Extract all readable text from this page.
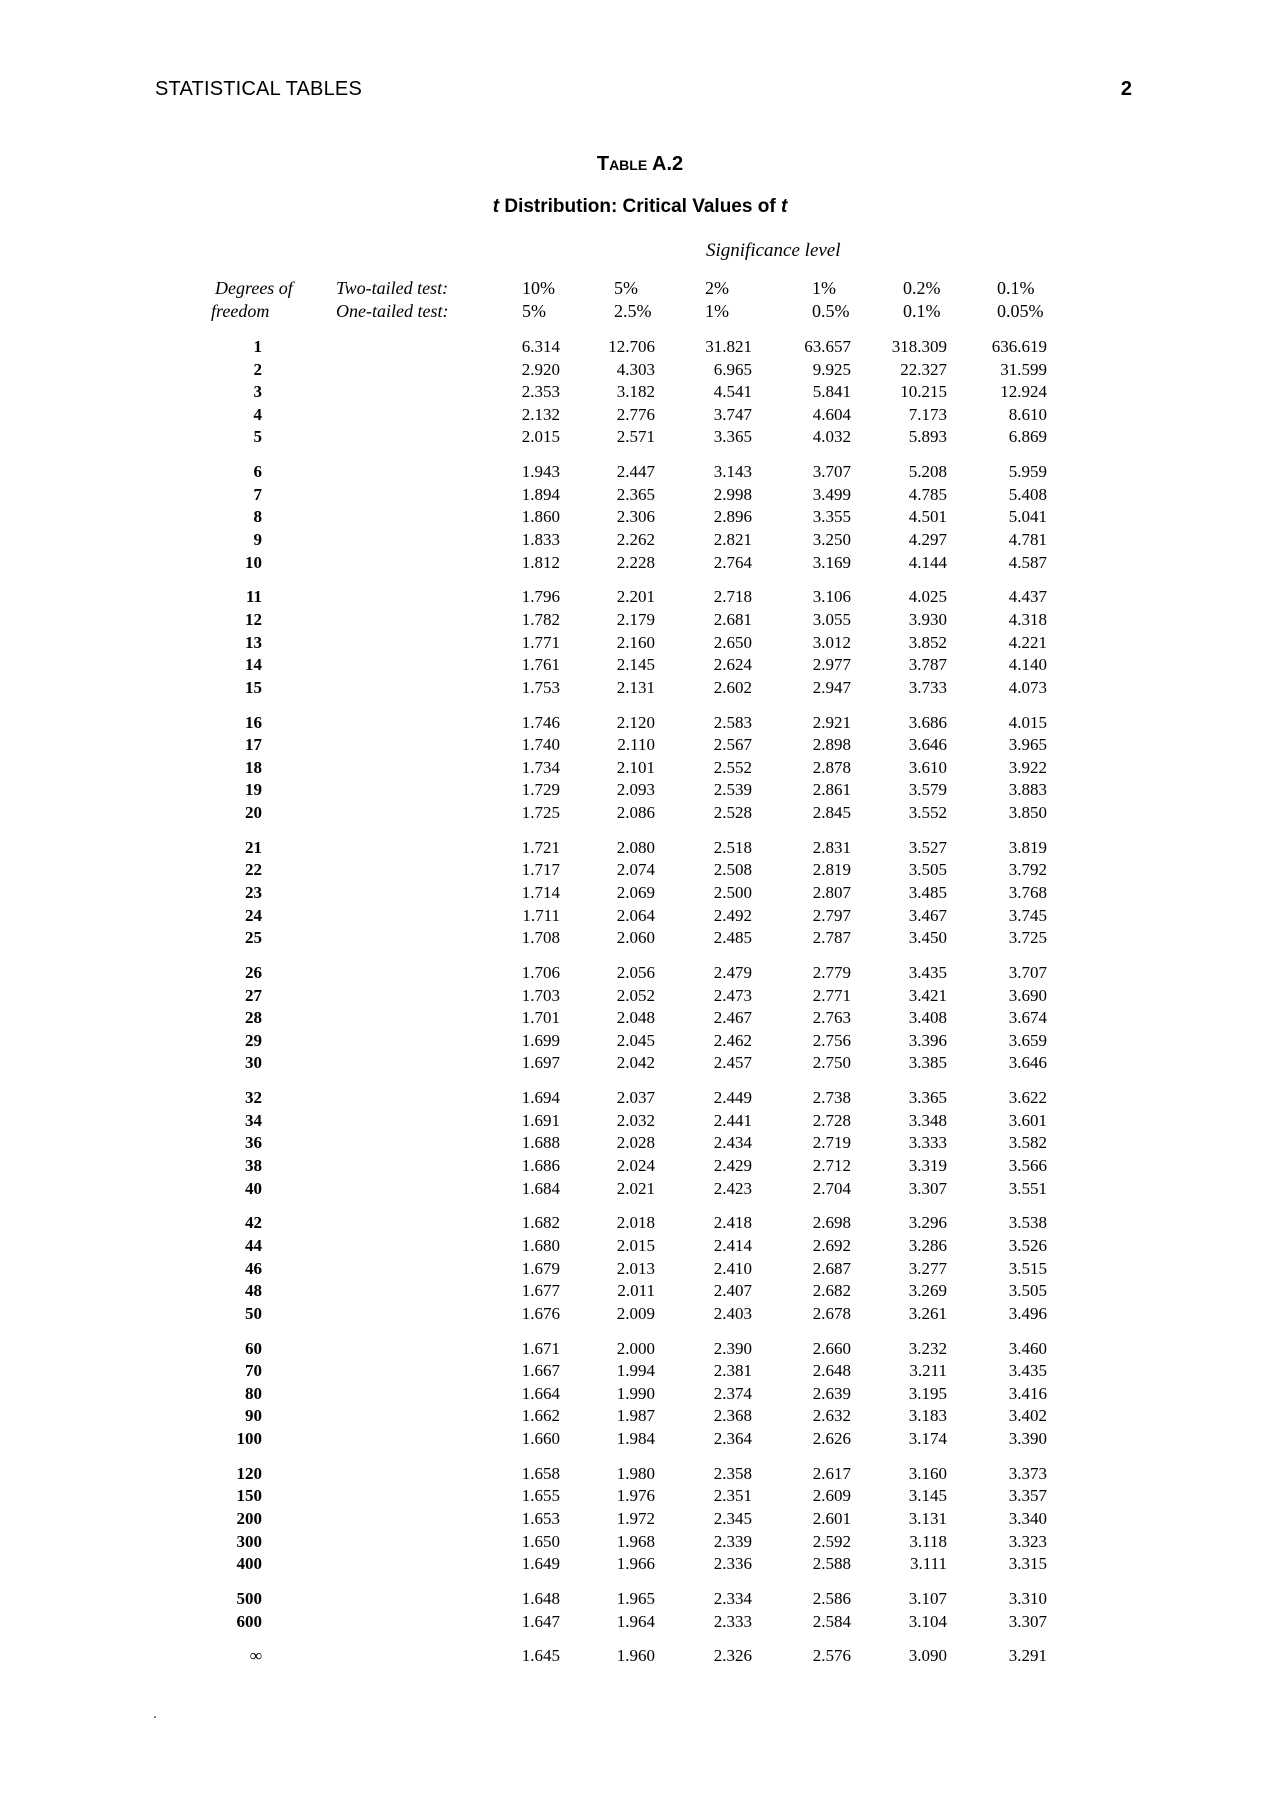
STATISTICAL TABLES	2
Table A.2
t Distribution: Critical Values of t
Significance level
Degrees of Two-tailed test:	10%	5%	2%	1%	0.2%	0.1%
freedom	One-tailed test:	5%	2.5%	1%	0.5%	0.1%	0.05%
1	6.314	12.706	31.821	63.657	318.309	636.619
2	2.920	4.303	6.965	9.925	22.327	31.599
3	2.353	3.182	4.541	5.841	10.215	12.924
4	2.132	2.776	3.747	4.604	7.173	8.610
5	2.015	2.571	3.365	4.032	5.893	6.869
6	1.943	2.447	3.143	3.707	5.208	5.959
7	1.894	2.365	2.998	3.499	4.785	5.408
8	1.860	2.306	2.896	3.355	4.501	5.041
9	1.833	2.262	2.821	3.250	4.297	4.781
10	1.812	2.228	2.764	3.169	4.144	4.587
11	1.796	2.201	2.718	3.106	4.025	4.437
12	1.782	2.179	2.681	3.055	3.930	4.318
13	1.771	2.160	2.650	3.012	3.852	4.221
14	1.761	2.145	2.624	2.977	3.787	4.140
15	1.753	2.131	2.602	2.947	3.733	4.073
16	1.746	2.120	2.583	2.921	3.686	4.015
17	1.740	2.110	2.567	2.898	3.646	3.965
18	1.734	2.101	2.552	2.878	3.610	3.922
19	1.729	2.093	2.539	2.861	3.579	3.883
20	1.725	2.086	2.528	2.845	3.552	3.850
21	1.721	2.080	2.518	2.831	3.527	3.819
22	1.717	2.074	2.508	2.819	3.505	3.792
23	1.714	2.069	2.500	2.807	3.485	3.768
24	1.711	2.064	2.492	2.797	3.467	3.745
25	1.708	2.060	2.485	2.787	3.450	3.725
26	1.706	2.056	2.479	2.779	3.435	3.707
27	1.703	2.052	2.473	2.771	3.421	3.690
28	1.701	2.048	2.467	2.763	3.408	3.674
29	1.699	2.045	2.462	2.756	3.396	3.659
30	1.697	2.042	2.457	2.750	3.385	3.646
32	1.694	2.037	2.449	2.738	3.365	3.622
34	1.691	2.032	2.441	2.728	3.348	3.601
36	1.688	2.028	2.434	2.719	3.333	3.582
38	1.686	2.024	2.429	2.712	3.319	3.566
40	1.684	2.021	2.423	2.704	3.307	3.551
42	1.682	2.018	2.418	2.698	3.296	3.538
44	1.680	2.015	2.414	2.692	3.286	3.526
46	1.679	2.013	2.410	2.687	3.277	3.515
48	1.677	2.011	2.407	2.682	3.269	3.505
50	1.676	2.009	2.403	2.678	3.261	3.496
60	1.671	2.000	2.390	2.660	3.232	3.460
70	1.667	1.994	2.381	2.648	3.211	3.435
80	1.664	1.990	2.374	2.639	3.195	3.416
90	1.662	1.987	2.368	2.632	3.183	3.402
100	1.660	1.984	2.364	2.626	3.174	3.390
120	1.658	1.980	2.358	2.617	3.160	3.373
150	1.655	1.976	2.351	2.609	3.145	3.357
200	1.653	1.972	2.345	2.601	3.131	3.340
300	1.650	1.968	2.339	2.592	3.118	3.323
400	1.649	1.966	2.336	2.588	3.111	3.315
500	1.648	1.965	2.334	2.586	3.107	3.310
600	1.647	1.964	2.333	2.584	3.104	3.307
∞	1.645	1.960	2.326	2.576	3.090	3.291
.
